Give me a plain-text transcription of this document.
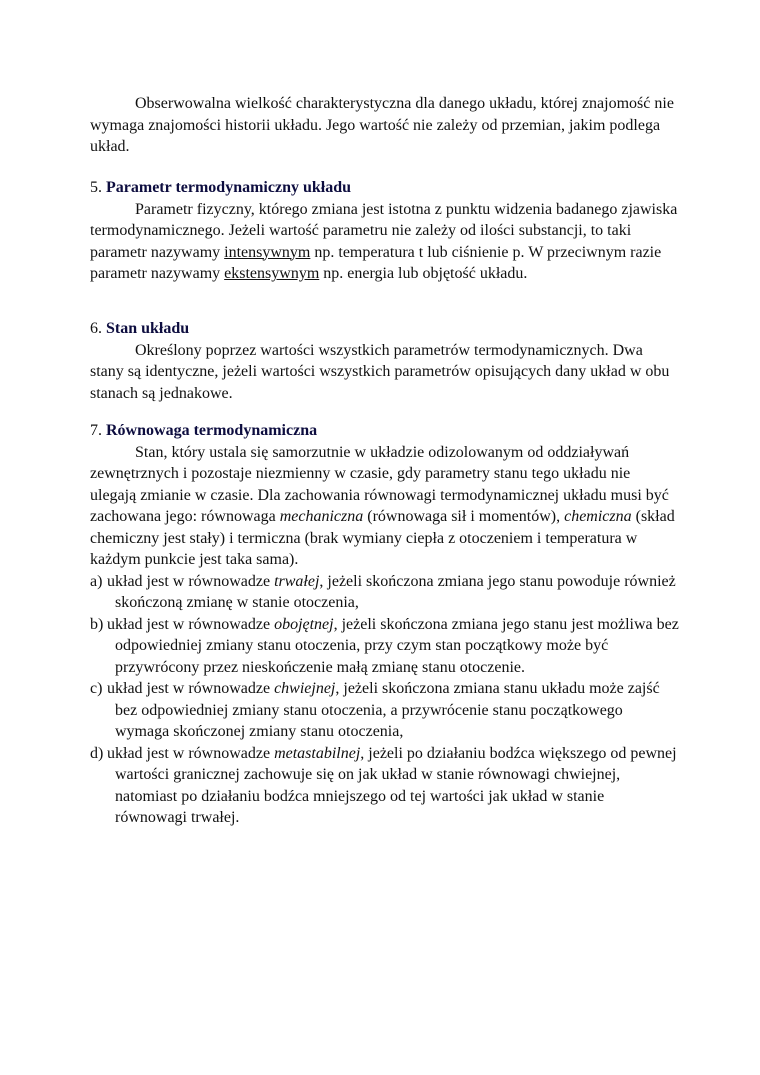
Obserwowalna wielkość charakterystyczna dla danego układu, której znajomość nie wymaga znajomości historii układu. Jego wartość nie zależy od przemian, jakim podlega układ.

5. Parametr termodynamiczny układu

Parametr fizyczny, którego zmiana jest istotna z punktu widzenia badanego zjawiska termodynamicznego. Jeżeli wartość parametru nie zależy od ilości substancji, to taki parametr nazywamy intensywnym np. temperatura t lub ciśnienie p. W przeciwnym razie parametr nazywamy ekstensywnym np. energia lub objętość układu.

6. Stan układu

Określony poprzez wartości wszystkich parametrów termodynamicznych. Dwa stany są identyczne, jeżeli wartości wszystkich parametrów opisujących dany układ w obu stanach są jednakowe.

7. Równowaga termodynamiczna

Stan, który ustala się samorzutnie w układzie odizolowanym od oddziaływań zewnętrznych i pozostaje niezmienny w czasie, gdy parametry stanu tego układu nie ulegają zmianie w czasie. Dla zachowania równowagi termodynamicznej układu musi być zachowana jego: równowaga mechaniczna (równowaga sił i momentów), chemiczna (skład chemiczny jest stały) i termiczna (brak wymiany ciepła z otoczeniem i temperatura w każdym punkcie jest taka sama).

a) układ jest w równowadze trwałej, jeżeli skończona zmiana jego stanu powoduje również skończoną zmianę w stanie otoczenia,
b) układ jest w równowadze obojętnej, jeżeli skończona zmiana jego stanu jest możliwa bez odpowiedniej zmiany stanu otoczenia, przy czym stan początkowy może być przywrócony przez nieskończenie małą zmianę stanu otoczenie.
c) układ jest w równowadze chwiejnej, jeżeli skończona zmiana stanu układu może zajść bez odpowiedniej zmiany stanu otoczenia, a przywrócenie stanu początkowego wymaga skończonej zmiany stanu otoczenia,
d) układ jest w równowadze metastabilnej, jeżeli po działaniu bodźca większego od pewnej wartości granicznej zachowuje się on jak układ w stanie równowagi chwiejnej, natomiast po działaniu bodźca mniejszego od tej wartości jak układ w stanie równowagi trwałej.
